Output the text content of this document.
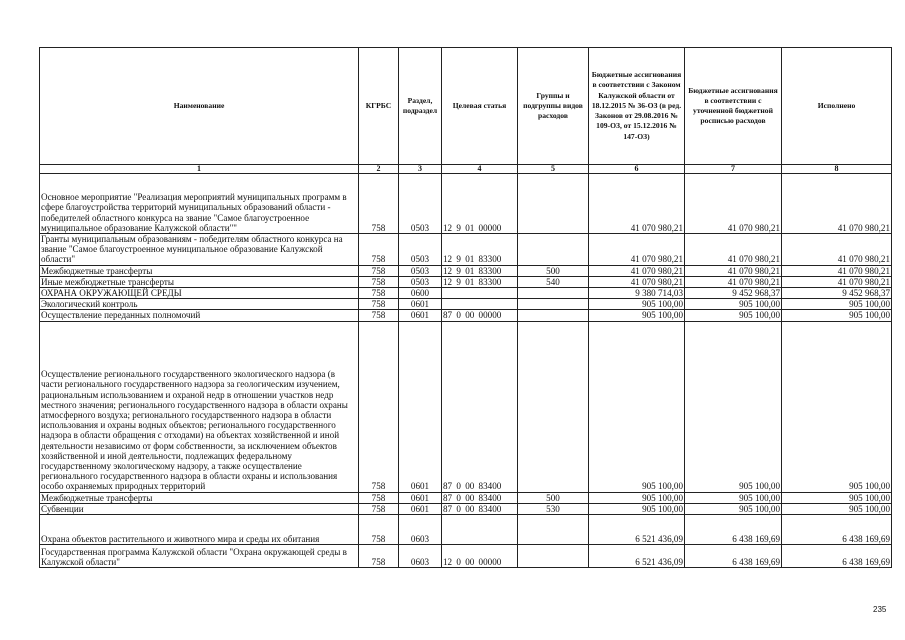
Наименование	КГРБС	Раздел, подраздел	Целевая статья	Группы и подгруппы видов расходов	Бюджетные ассигнования в соответствии с Законом Калужской области от 18.12.2015 № 36-ОЗ (в ред. Законов от 29.08.2016 № 109-ОЗ, от 15.12.2016 № 147-ОЗ)	Бюджетные ассигнования в соответствии с уточненной бюджетной росписью расходов	Исполнено
1	2	3	4	5	6	7	8
Основное мероприятие "Реализация мероприятий муниципальных программ в сфере благоустройства территорий муниципальных образований области - победителей областного конкурса на звание "Самое благоустроенное муниципальное образование Калужской области""	758	0503	12 9 01 00000		41 070 980,21	41 070 980,21	41 070 980,21
Гранты муниципальным образованиям - победителям областного конкурса на звание "Самое благоустроенное муниципальное образование Калужской области"	758	0503	12 9 01 83300		41 070 980,21	41 070 980,21	41 070 980,21
Межбюджетные трансферты	758	0503	12 9 01 83300	500	41 070 980,21	41 070 980,21	41 070 980,21
Иные межбюджетные трансферты	758	0503	12 9 01 83300	540	41 070 980,21	41 070 980,21	41 070 980,21
ОХРАНА ОКРУЖАЮЩЕЙ СРЕДЫ	758	0600			9 380 714,03	9 452 968,37	9 452 968,37
Экологический контроль	758	0601			905 100,00	905 100,00	905 100,00
Осуществление переданных полномочий	758	0601	87 0 00 00000		905 100,00	905 100,00	905 100,00
Осуществление регионального государственного экологического надзора (в части регионального государственного надзора за геологическим изучением, рациональным использованием и охраной недр в отношении участков недр местного значения; регионального государственного надзора в области охраны атмосферного воздуха; регионального государственного надзора в области использования и охраны водных объектов; регионального государственного надзора в области обращения с отходами) на объектах хозяйственной и иной деятельности независимо от форм собственности, за исключением объектов хозяйственной и иной деятельности, подлежащих федеральному государственному экологическому надзору, а также осуществление регионального государственного надзора в области охраны и использования особо охраняемых природных территорий	758	0601	87 0 00 83400		905 100,00	905 100,00	905 100,00
Межбюджетные трансферты	758	0601	87 0 00 83400	500	905 100,00	905 100,00	905 100,00
Субвенции	758	0601	87 0 00 83400	530	905 100,00	905 100,00	905 100,00
Охрана объектов растительного и животного мира и среды их обитания	758	0603			6 521 436,09	6 438 169,69	6 438 169,69
Государственная программа Калужской области "Охрана окружающей среды в Калужской области"	758	0603	12 0 00 00000		6 521 436,09	6 438 169,69	6 438 169,69
235
